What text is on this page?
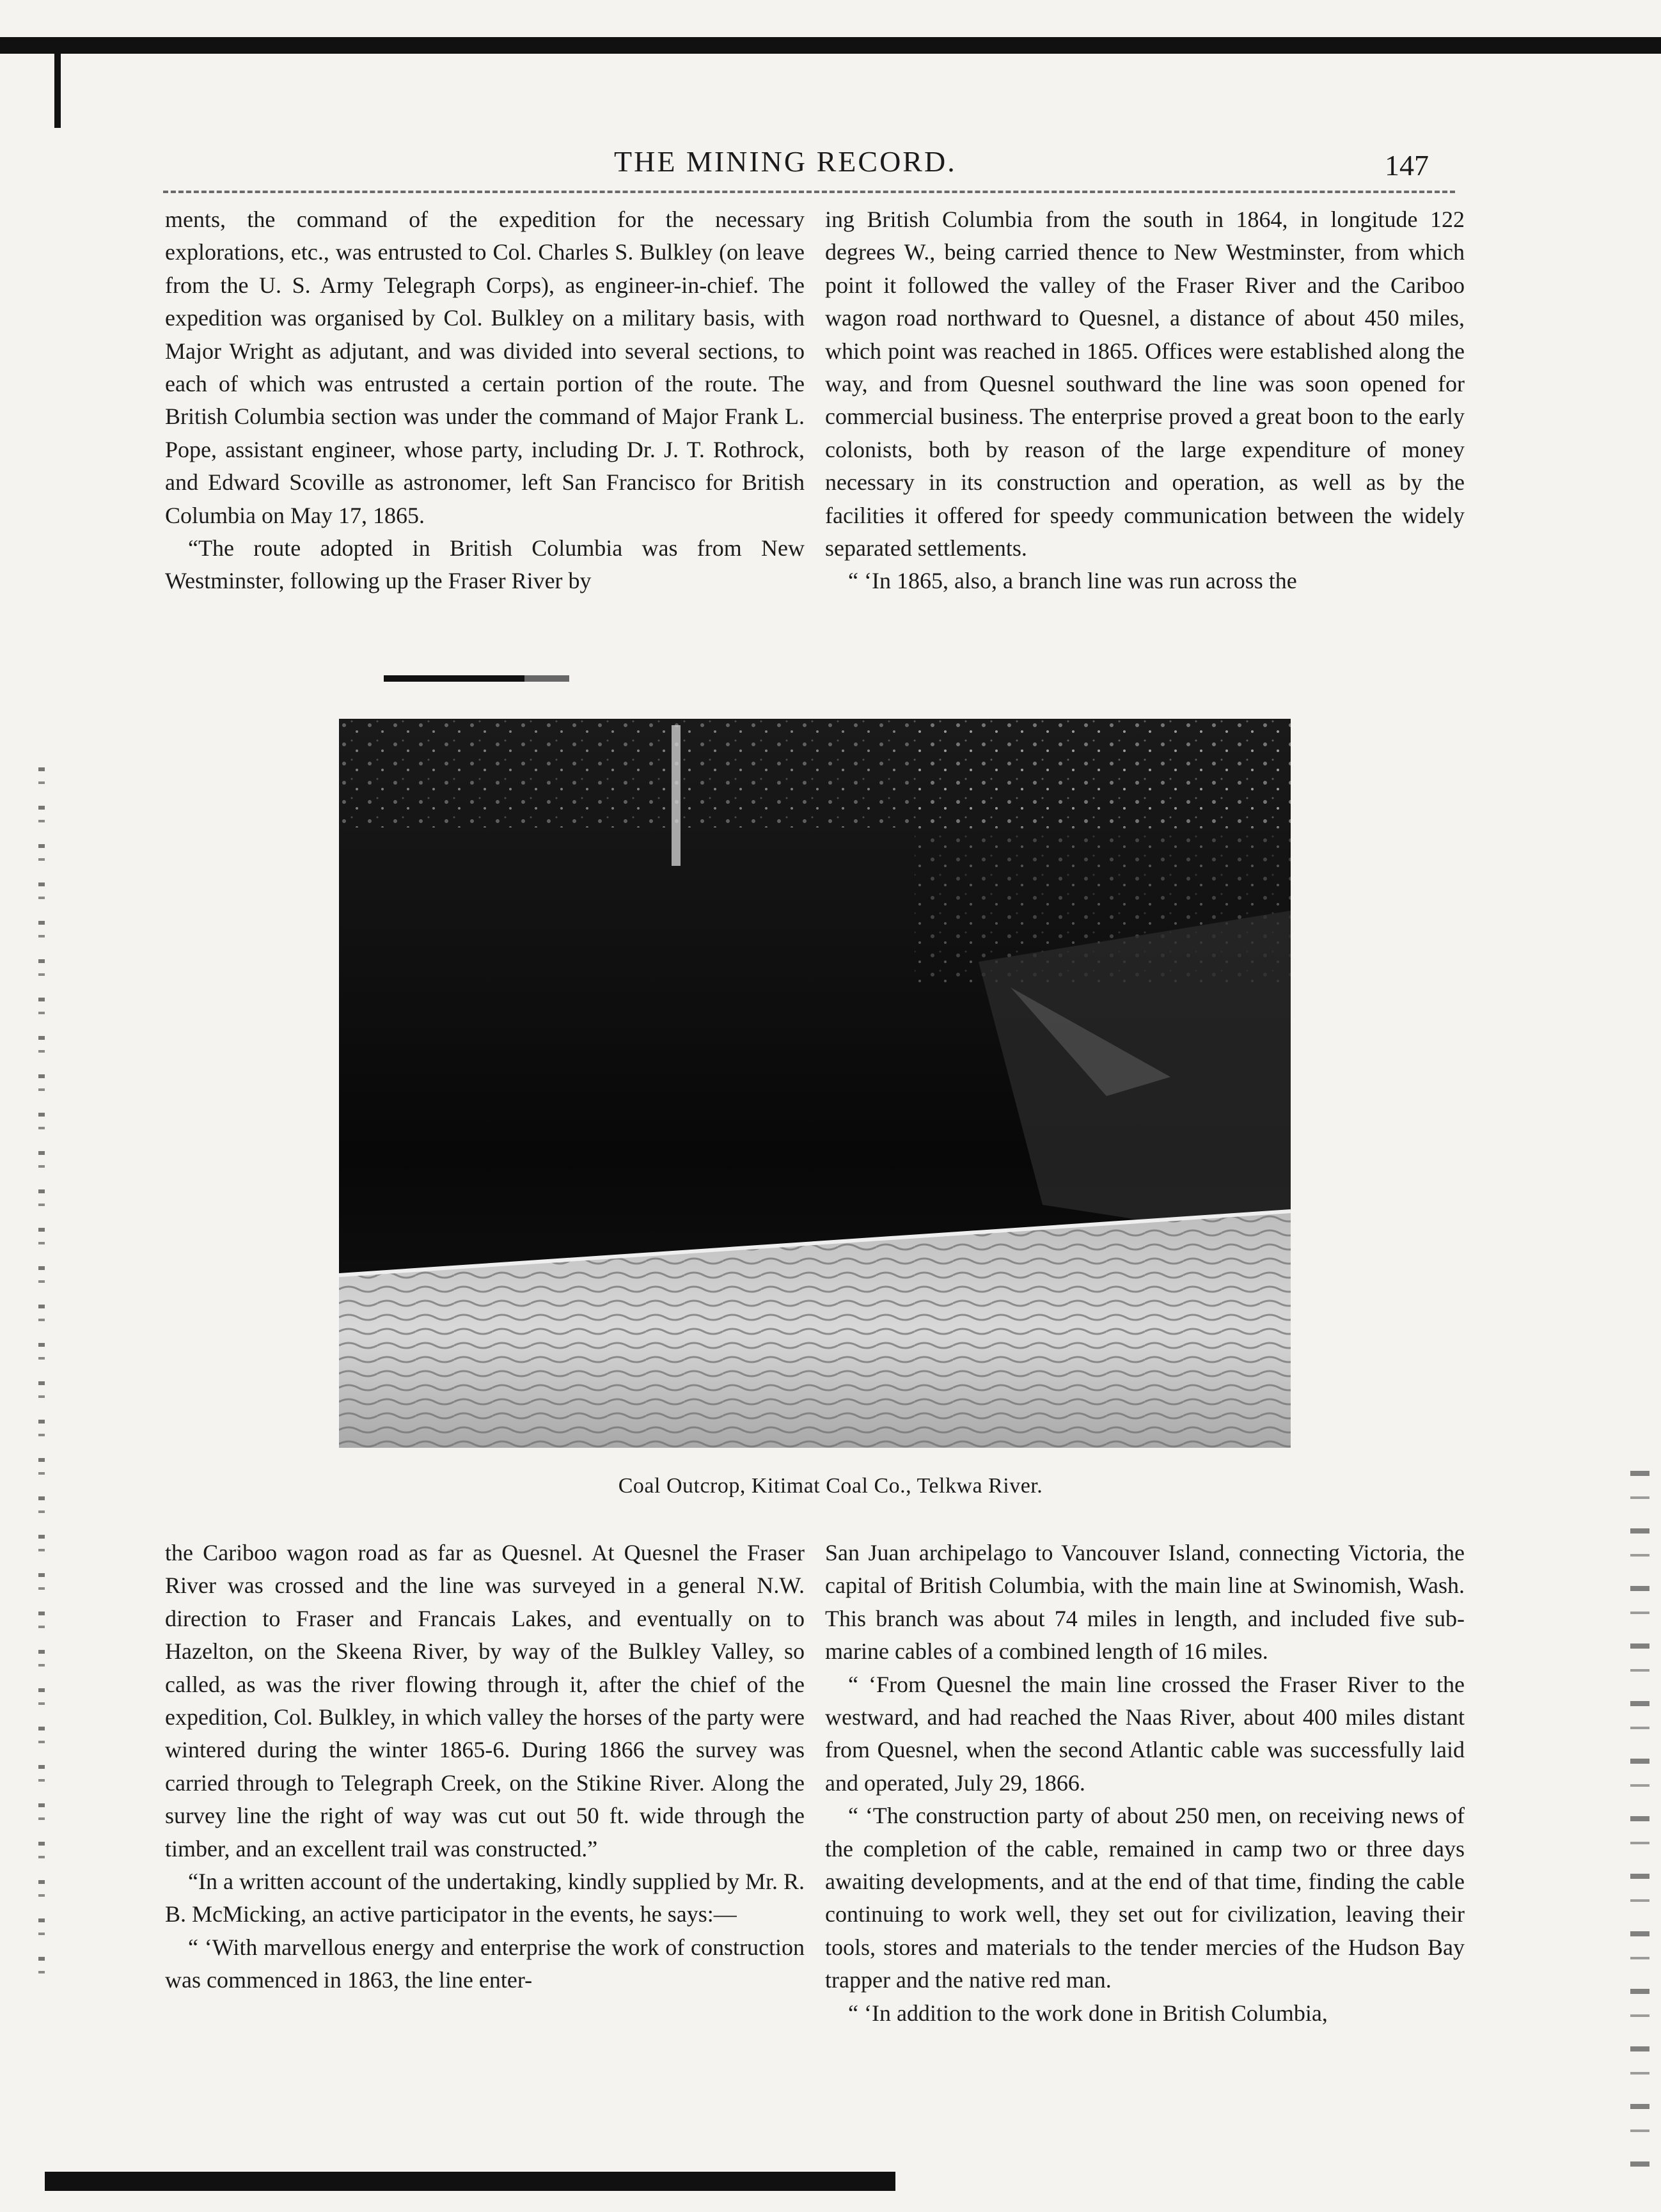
THE MINING RECORD.	147

ments, the command of the expedition for the necessary explorations, etc., was entrusted to Col. Charles S. Bulkley (on leave from the U. S. Army Telegraph Corps), as engineer-in-chief. The expedition was organised by Col. Bulkley on a military basis, with Major Wright as adjutant, and was divided into several sections, to each of which was entrusted a certain portion of the route. The British Columbia section was under the command of Major Frank L. Pope, assistant engineer, whose party, including Dr. J. T. Rothrock, and Edward Scoville as astronomer, left San Francisco for British Columbia on May 17, 1865.

“The route adopted in British Columbia was from New Westminster, following up the Fraser River by

ing British Columbia from the south in 1864, in longitude 122 degrees W., being carried thence to New Westminster, from which point it followed the valley of the Fraser River and the Cariboo wagon road northward to Quesnel, a distance of about 450 miles, which point was reached in 1865. Offices were established along the way, and from Quesnel southward the line was soon opened for commercial business. The enterprise proved a great boon to the early colonists, both by reason of the large expenditure of money necessary in its construction and operation, as well as by the facilities it offered for speedy communication between the widely separated settlements.

“ ‘In 1865, also, a branch line was run across the

Coal Outcrop, Kitimat Coal Co., Telkwa River.

the Cariboo wagon road as far as Quesnel. At Quesnel the Fraser River was crossed and the line was surveyed in a general N.W. direction to Fraser and Francais Lakes, and eventually on to Hazelton, on the Skeena River, by way of the Bulkley Valley, so called, as was the river flowing through it, after the chief of the expedition, Col. Bulkley, in which valley the horses of the party were wintered during the winter 1865-6. During 1866 the survey was carried through to Telegraph Creek, on the Stikine River. Along the survey line the right of way was cut out 50 ft. wide through the timber, and an excellent trail was constructed.”

“In a written account of the undertaking, kindly supplied by Mr. R. B. McMicking, an active participator in the events, he says:—

“ ‘With marvellous energy and enterprise the work of construction was commenced in 1863, the line enter-

San Juan archipelago to Vancouver Island, connecting Victoria, the capital of British Columbia, with the main line at Swinomish, Wash. This branch was about 74 miles in length, and included five sub-marine cables of a combined length of 16 miles.

“ ‘From Quesnel the main line crossed the Fraser River to the westward, and had reached the Naas River, about 400 miles distant from Quesnel, when the second Atlantic cable was successfully laid and operated, July 29, 1866.

“ ‘The construction party of about 250 men, on receiving news of the completion of the cable, remained in camp two or three days awaiting developments, and at the end of that time, finding the cable continuing to work well, they set out for civilization, leaving their tools, stores and materials to the tender mercies of the Hudson Bay trapper and the native red man.

“ ‘In addition to the work done in British Columbia,
